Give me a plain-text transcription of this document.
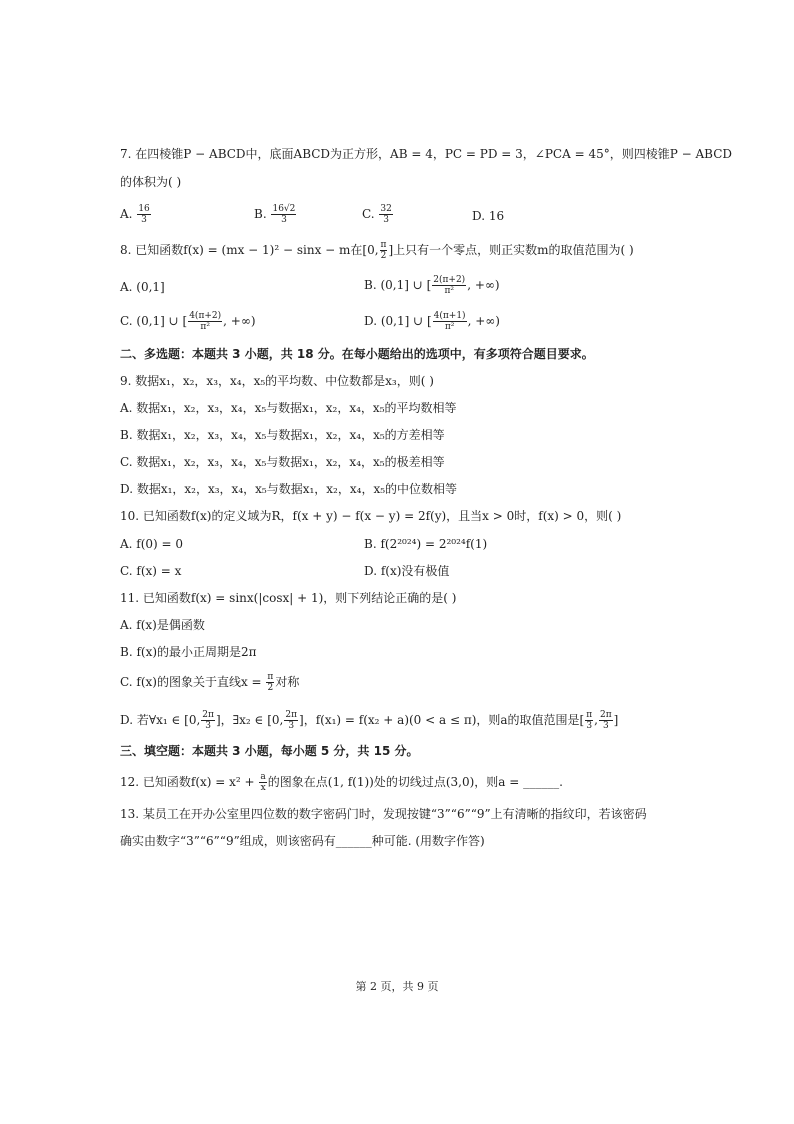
7. 在四棱锥P − ABCD中，底面ABCD为正方形，AB = 4，PC = PD = 3，∠PCA = 45°，则四棱锥P − ABCD
的体积为( )
A. $\frac{16}{3}$	B. $\frac{16√2}{3}$	C. $\frac{32}{3}$	D. 16
8. 已知函数f(x) = (mx − 1)² − sinx − m在[0, $\frac{\pi}{2}$ ]上只有一个零点，则正实数m的取值范围为( )
A. (0,1]	B. (0,1] ∪ [ $\frac{2(\pi+2)}{\text{π²}}$ , +∞)
C. (0,1] ∪ [ $\frac{4(\pi+2)}{\text{π²}}$ , +∞)	D. (0,1] ∪ [ $\frac{4(\pi+1)}{\text{π²}}$ , +∞)
二、多选题：本题共 3 小题，共 18 分。在每小题给出的选项中，有多项符合题目要求。
9. 数据x₁，x₂，x₃，x₄，x₅的平均数、中位数都是x₃，则( )
A. 数据x₁，x₂，x₃，x₄，x₅与数据x₁，x₂，x₄，x₅的平均数相等
B. 数据x₁，x₂，x₃，x₄，x₅与数据x₁，x₂，x₄，x₅的方差相等
C. 数据x₁，x₂，x₃，x₄，x₅与数据x₁，x₂，x₄，x₅的极差相等
D. 数据x₁，x₂，x₃，x₄，x₅与数据x₁，x₂，x₄，x₅的中位数相等
10. 已知函数f(x)的定义域为R，f(x + y) − f(x − y) = 2f(y)，且当x > 0时，f(x) > 0，则( )
A. f(0) = 0	B. f(2²⁰²⁴) = 2²⁰²⁴f(1)
C. f(x) = x	D. f(x)没有极值
11. 已知函数f(x) = sinx(|cosx| + 1)，则下列结论正确的是( )
A. f(x)是偶函数
B. f(x)的最小正周期是2π
C. f(x)的图象关于直线$x = \frac{\pi}{2}$ 对称
D. 若∀x₁ ∈ [0, $\frac{2\pi}{3}$ ]，∃x₂ ∈ [0, $\frac{2\pi}{3}$ ]，f(x₁) = f(x₂ + a)(0 < a ≤ π)，则a的取值范围是[ $\frac{\pi}{3}$ , $\frac{2\pi}{3}$ ]
三、填空题：本题共 3 小题，每小题 5 分，共 15 分。
12. 已知函数$f(x) = x^2 + \frac{a}{x}$ 的图象在点(1, f(1))处的切线过点(3,0)，则a = ______.
13. 某员工在开办公室里四位数的数字密码门时，发现按键“3”“6”“9”上有清晰的指纹印，若该密码
确实由数字“3”“6”“9”组成，则该密码有______种可能. (用数字作答)
第 2 页，共 9 页
